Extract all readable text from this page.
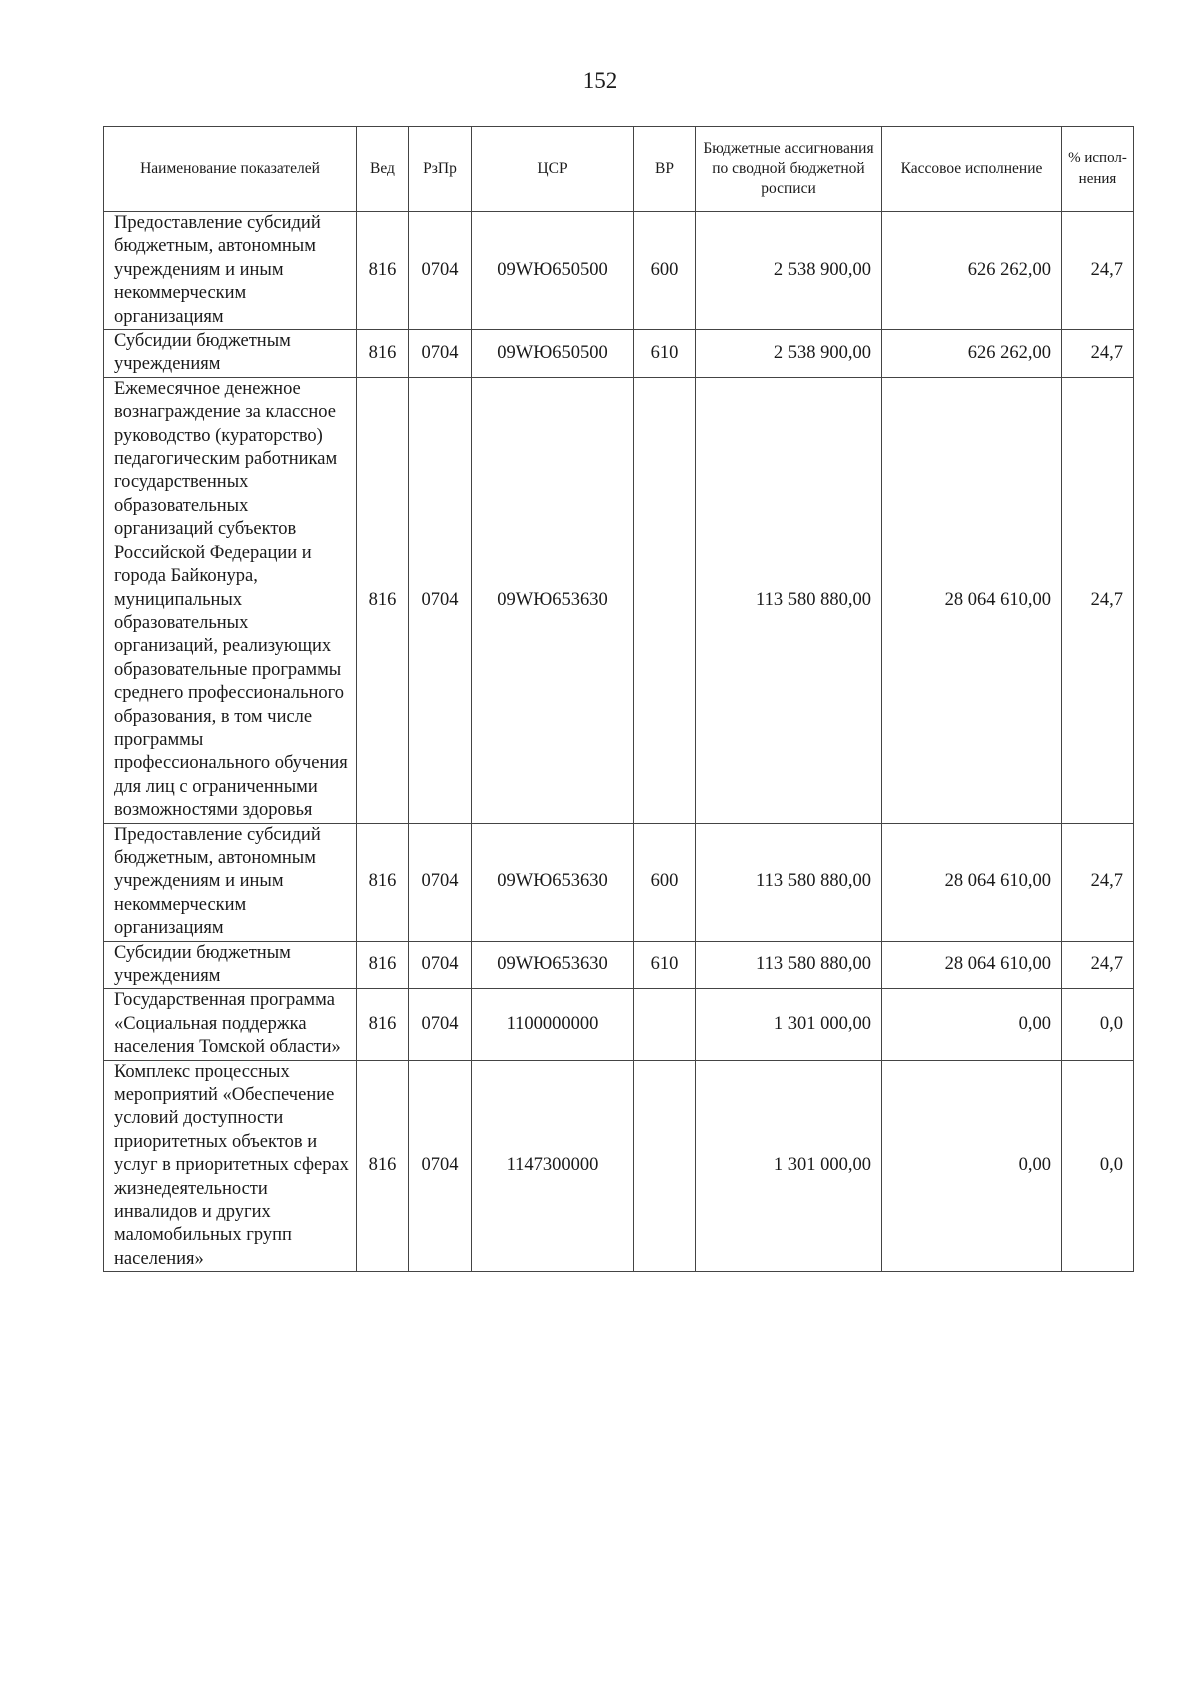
152
Наименование показателей	Вед	РзПр	ЦСР	ВР	Бюджетные ассигнования по сводной бюджетной росписи	Кассовое исполнение	% испол-нения
Предоставление субсидий бюджетным, автономным учреждениям и иным некоммерческим организациям	816	0704	09WЮ650500	600	2 538 900,00	626 262,00	24,7
Субсидии бюджетным учреждениям	816	0704	09WЮ650500	610	2 538 900,00	626 262,00	24,7
Ежемесячное денежное вознаграждение за классное руководство (кураторство) педагогическим работникам государственных образовательных организаций субъектов Российской Федерации и города Байконура, муниципальных образовательных организаций, реализующих образовательные программы среднего профессионального образования, в том числе программы профессионального обучения для лиц с ограниченными возможностями здоровья	816	0704	09WЮ653630		113 580 880,00	28 064 610,00	24,7
Предоставление субсидий бюджетным, автономным учреждениям и иным некоммерческим организациям	816	0704	09WЮ653630	600	113 580 880,00	28 064 610,00	24,7
Субсидии бюджетным учреждениям	816	0704	09WЮ653630	610	113 580 880,00	28 064 610,00	24,7
Государственная программа «Социальная поддержка населения Томской области»	816	0704	1100000000		1 301 000,00	0,00	0,0
Комплекс процессных мероприятий «Обеспечение условий доступности приоритетных объектов и услуг в приоритетных сферах жизнедеятельности инвалидов и других маломобильных групп населения»	816	0704	1147300000		1 301 000,00	0,00	0,0
